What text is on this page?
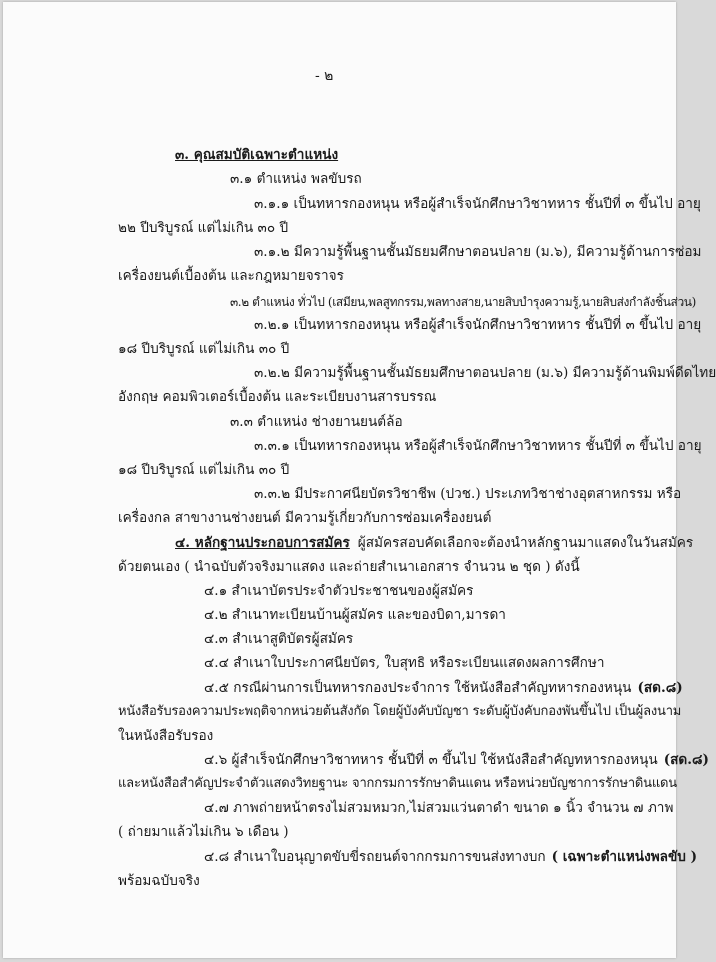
- ๒
๓. คุณสมบัติเฉพาะตำแหน่ง
๓.๑ ตำแหน่ง พลขับรถ
๓.๑.๑ เป็นทหารกองหนุน หรือผู้สำเร็จนักศึกษาวิชาทหาร ชั้นปีที่ ๓ ขึ้นไป อายุ
๒๒ ปีบริบูรณ์ แต่ไม่เกิน ๓๐ ปี
๓.๑.๒ มีความรู้พื้นฐานชั้นมัธยมศึกษาตอนปลาย (ม.๖), มีความรู้ด้านการซ่อม
เครื่องยนต์เบื้องต้น และกฎหมายจราจร
๓.๒ ตำแหน่ง ทั่วไป (เสมียน,พลสูทกรรม,พลทางสาย,นายสิบบำรุงความรู้,นายสิบส่งกำลังชิ้นส่วน)
๓.๒.๑ เป็นทหารกองหนุน หรือผู้สำเร็จนักศึกษาวิชาทหาร ชั้นปีที่ ๓ ขึ้นไป อายุ
๑๘ ปีบริบูรณ์ แต่ไม่เกิน ๓๐ ปี
๓.๒.๒ มีความรู้พื้นฐานชั้นมัธยมศึกษาตอนปลาย (ม.๖) มีความรู้ด้านพิมพ์ดีดไทย
อังกฤษ คอมพิวเตอร์เบื้องต้น และระเบียบงานสารบรรณ
๓.๓ ตำแหน่ง ช่างยานยนต์ล้อ
๓.๓.๑ เป็นทหารกองหนุน หรือผู้สำเร็จนักศึกษาวิชาทหาร ชั้นปีที่ ๓ ขึ้นไป อายุ
๑๘ ปีบริบูรณ์ แต่ไม่เกิน ๓๐ ปี
๓.๓.๒ มีประกาศนียบัตรวิชาชีพ (ปวช.) ประเภทวิชาช่างอุตสาหกรรม หรือ
เครื่องกล สาขางานช่างยนต์ มีความรู้เกี่ยวกับการซ่อมเครื่องยนต์
๔. หลักฐานประกอบการสมัคร ผู้สมัครสอบคัดเลือกจะต้องนำหลักฐานมาแสดงในวันสมัคร
ด้วยตนเอง ( นำฉบับตัวจริงมาแสดง และถ่ายสำเนาเอกสาร จำนวน ๒ ชุด ) ดังนี้
๔.๑ สำเนาบัตรประจำตัวประชาชนของผู้สมัคร
๔.๒ สำเนาทะเบียนบ้านผู้สมัคร และของบิดา,มารดา
๔.๓ สำเนาสูติบัตรผู้สมัคร
๔.๔ สำเนาใบประกาศนียบัตร, ใบสุทธิ หรือระเบียนแสดงผลการศึกษา
๔.๕ กรณีผ่านการเป็นทหารกองประจำการ ใช้หนังสือสำคัญทหารกองหนุน (สด.๘)
หนังสือรับรองความประพฤติจากหน่วยต้นสังกัด โดยผู้บังคับบัญชา ระดับผู้บังคับกองพันขึ้นไป เป็นผู้ลงนาม
ในหนังสือรับรอง
๔.๖ ผู้สำเร็จนักศึกษาวิชาทหาร ชั้นปีที่ ๓ ขึ้นไป ใช้หนังสือสำคัญทหารกองหนุน (สด.๘)
และหนังสือสำคัญประจำตัวแสดงวิทยฐานะ จากกรมการรักษาดินแดน หรือหน่วยบัญชาการรักษาดินแดน
๔.๗ ภาพถ่ายหน้าตรงไม่สวมหมวก,ไม่สวมแว่นตาดำ ขนาด ๑ นิ้ว จำนวน ๗ ภาพ
( ถ่ายมาแล้วไม่เกิน ๖ เดือน )
๔.๘ สำเนาใบอนุญาตขับขี่รถยนต์จากกรมการขนส่งทางบก ( เฉพาะตำแหน่งพลขับ )
พร้อมฉบับจริง
